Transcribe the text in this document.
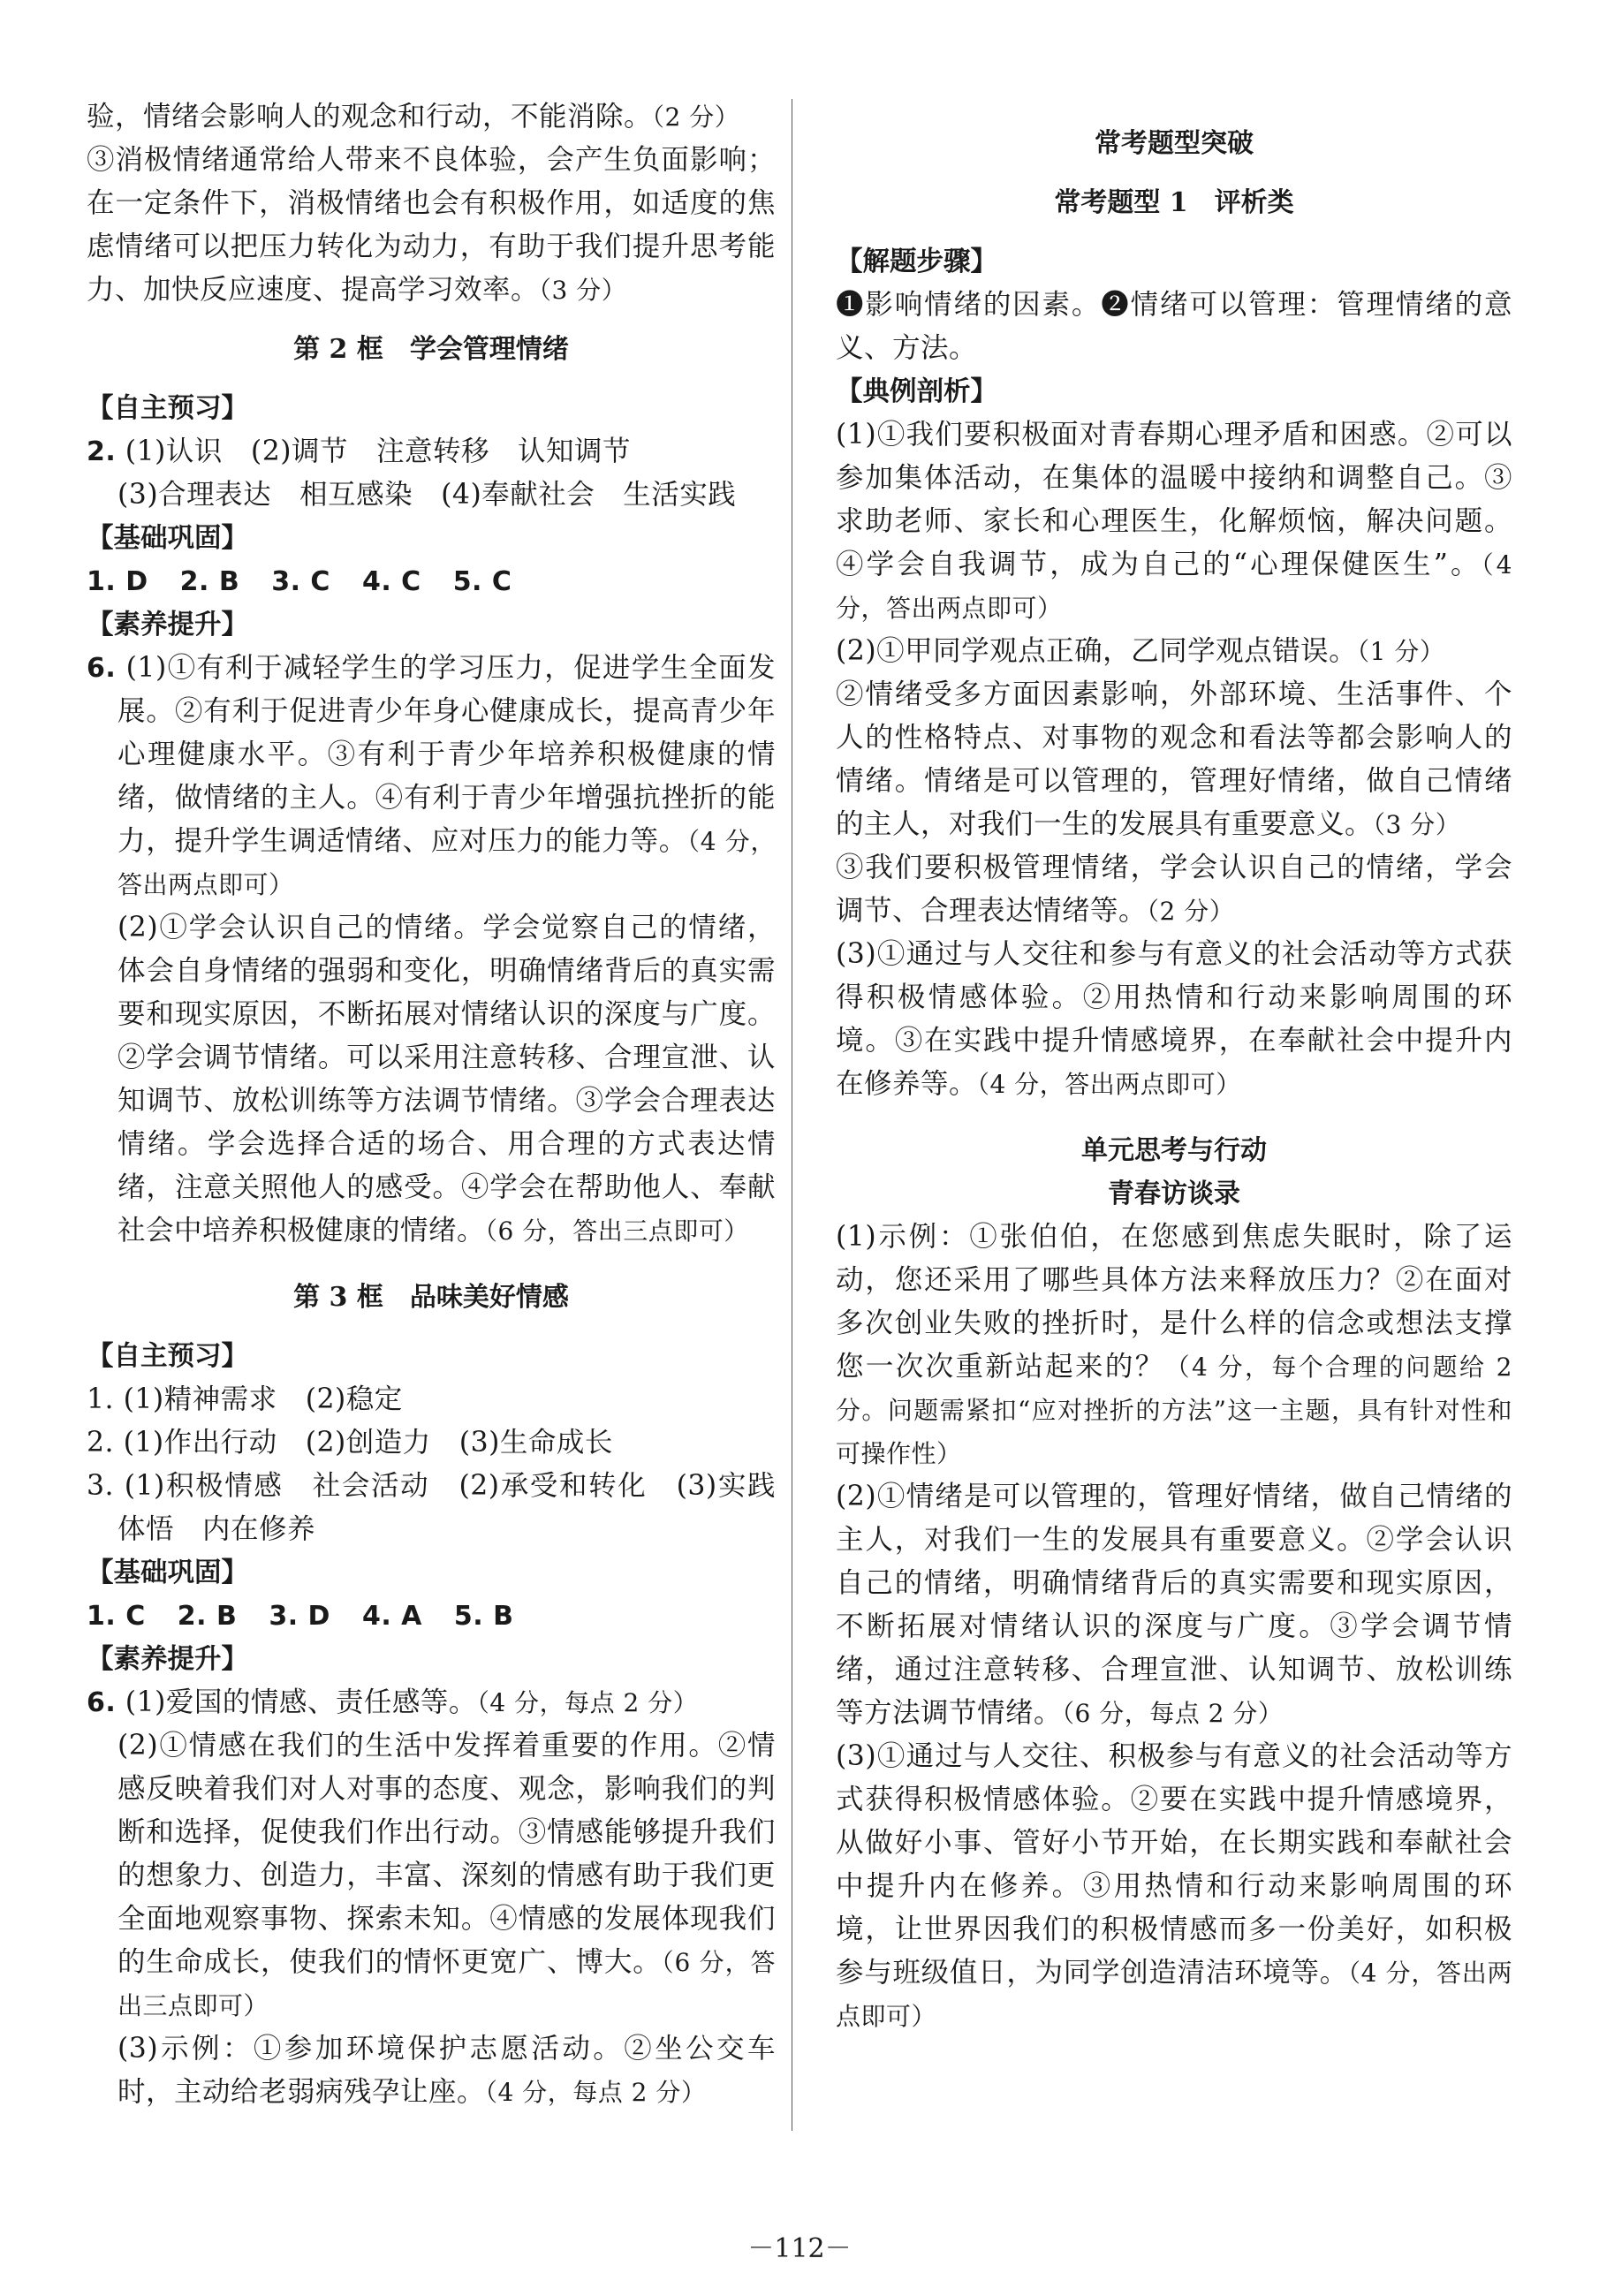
验，情绪会影响人的观念和行动，不能消除。（2 分）

③消极情绪通常给人带来不良体验，会产生负面影响；在一定条件下，消极情绪也会有积极作用，如适度的焦虑情绪可以把压力转化为动力，有助于我们提升思考能力、加快反应速度、提高学习效率。（3 分）

第 2 框　学会管理情绪

【自主预习】

2. (1)认识　(2)调节　注意转移　认知调节
(3)合理表达　相互感染　(4)奉献社会　生活实践

【基础巩固】

1. D 2. B 3. C 4. C 5. C

【素养提升】

6. (1)①有利于减轻学生的学习压力，促进学生全面发展。②有利于促进青少年身心健康成长，提高青少年心理健康水平。③有利于青少年培养积极健康的情绪，做情绪的主人。④有利于青少年增强抗挫折的能力，提升学生调适情绪、应对压力的能力等。（4 分，答出两点即可）

(2)①学会认识自己的情绪。学会觉察自己的情绪，体会自身情绪的强弱和变化，明确情绪背后的真实需要和现实原因，不断拓展对情绪认识的深度与广度。②学会调节情绪。可以采用注意转移、合理宣泄、认知调节、放松训练等方法调节情绪。③学会合理表达情绪。学会选择合适的场合、用合理的方式表达情绪，注意关照他人的感受。④学会在帮助他人、奉献社会中培养积极健康的情绪。（6 分，答出三点即可）

第 3 框　品味美好情感

【自主预习】

1. (1)精神需求　(2)稳定

2. (1)作出行动　(2)创造力　(3)生命成长

3. (1)积极情感　社会活动　(2)承受和转化　(3)实践　体悟　内在修养

【基础巩固】

1. C 2. B 3. D 4. A 5. B

【素养提升】

6. (1)爱国的情感、责任感等。（4 分，每点 2 分）

(2)①情感在我们的生活中发挥着重要的作用。②情感反映着我们对人对事的态度、观念，影响我们的判断和选择，促使我们作出行动。③情感能够提升我们的想象力、创造力，丰富、深刻的情感有助于我们更全面地观察事物、探索未知。④情感的发展体现我们的生命成长，使我们的情怀更宽广、博大。（6 分，答出三点即可）

(3)示例：①参加环境保护志愿活动。②坐公交车时，主动给老弱病残孕让座。（4 分，每点 2 分）

常考题型突破

常考题型 1　评析类

【解题步骤】

❶影响情绪的因素。❷情绪可以管理：管理情绪的意义、方法。

【典例剖析】

(1)①我们要积极面对青春期心理矛盾和困惑。②可以参加集体活动，在集体的温暖中接纳和调整自己。③求助老师、家长和心理医生，化解烦恼，解决问题。④学会自我调节，成为自己的“心理保健医生”。（4 分，答出两点即可）

(2)①甲同学观点正确，乙同学观点错误。（1 分）

②情绪受多方面因素影响，外部环境、生活事件、个人的性格特点、对事物的观念和看法等都会影响人的情绪。情绪是可以管理的，管理好情绪，做自己情绪的主人，对我们一生的发展具有重要意义。（3 分）

③我们要积极管理情绪，学会认识自己的情绪，学会调节、合理表达情绪等。（2 分）

(3)①通过与人交往和参与有意义的社会活动等方式获得积极情感体验。②用热情和行动来影响周围的环境。③在实践中提升情感境界，在奉献社会中提升内在修养等。（4 分，答出两点即可）

单元思考与行动

青春访谈录

(1)示例：①张伯伯，在您感到焦虑失眠时，除了运动，您还采用了哪些具体方法来释放压力？②在面对多次创业失败的挫折时，是什么样的信念或想法支撑您一次次重新站起来的？（4 分，每个合理的问题给 2 分。问题需紧扣“应对挫折的方法”这一主题，具有针对性和可操作性）

(2)①情绪是可以管理的，管理好情绪，做自己情绪的主人，对我们一生的发展具有重要意义。②学会认识自己的情绪，明确情绪背后的真实需要和现实原因，不断拓展对情绪认识的深度与广度。③学会调节情绪，通过注意转移、合理宣泄、认知调节、放松训练等方法调节情绪。（6 分，每点 2 分）

(3)①通过与人交往、积极参与有意义的社会活动等方式获得积极情感体验。②要在实践中提升情感境界，从做好小事、管好小节开始，在长期实践和奉献社会中提升内在修养。③用热情和行动来影响周围的环境，让世界因我们的积极情感而多一份美好，如积极参与班级值日，为同学创造清洁环境等。（4 分，答出两点即可）

－112－
